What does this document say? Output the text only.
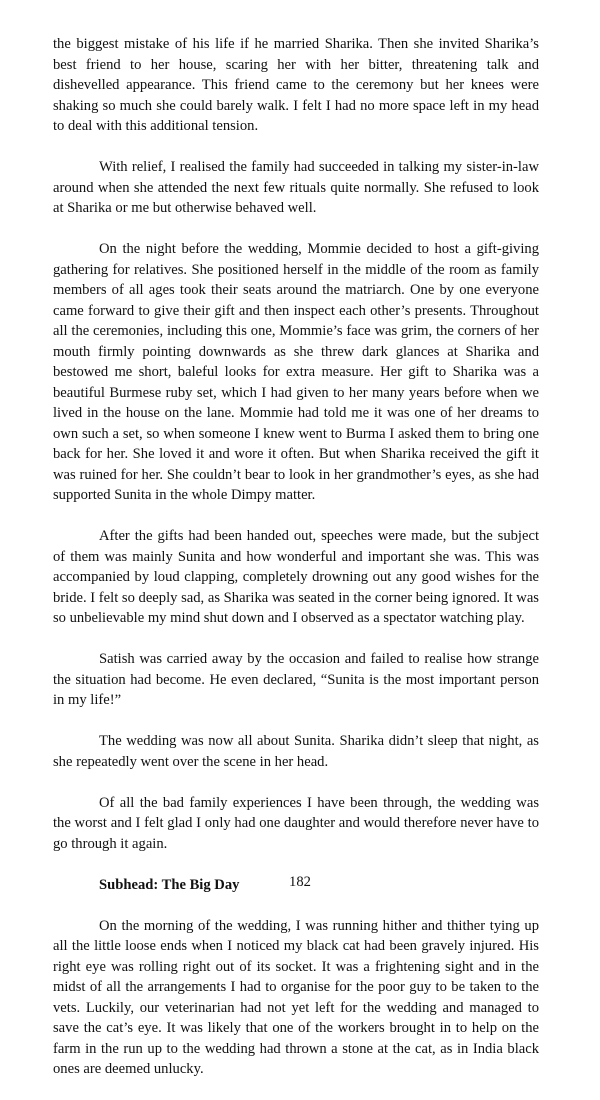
the biggest mistake of his life if he married Sharika. Then she invited Sharika’s best friend to her house, scaring her with her bitter, threatening talk and dishevelled appearance. This friend came to the ceremony but her knees were shaking so much she could barely walk. I felt I had no more space left in my head to deal with this additional tension.

With relief, I realised the family had succeeded in talking my sister-in-law around when she attended the next few rituals quite normally. She refused to look at Sharika or me but otherwise behaved well.

On the night before the wedding, Mommie decided to host a gift-giving gathering for relatives. She positioned herself in the middle of the room as family members of all ages took their seats around the matriarch. One by one everyone came forward to give their gift and then inspect each other’s presents. Throughout all the ceremonies, including this one, Mommie’s face was grim, the corners of her mouth firmly pointing downwards as she threw dark glances at Sharika and bestowed me short, baleful looks for extra measure. Her gift to Sharika was a beautiful Burmese ruby set, which I had given to her many years before when we lived in the house on the lane. Mommie had told me it was one of her dreams to own such a set, so when someone I knew went to Burma I asked them to bring one back for her. She loved it and wore it often. But when Sharika received the gift it was ruined for her. She couldn’t bear to look in her grandmother’s eyes, as she had supported Sunita in the whole Dimpy matter.

After the gifts had been handed out, speeches were made, but the subject of them was mainly Sunita and how wonderful and important she was. This was accompanied by loud clapping, completely drowning out any good wishes for the bride. I felt so deeply sad, as Sharika was seated in the corner being ignored. It was so unbelievable my mind shut down and I observed as a spectator watching play.

Satish was carried away by the occasion and failed to realise how strange the situation had become. He even declared, “Sunita is the most important person in my life!”

The wedding was now all about Sunita. Sharika didn’t sleep that night, as she repeatedly went over the scene in her head.

Of all the bad family experiences I have been through, the wedding was the worst and I felt glad I only had one daughter and would therefore never have to go through it again.

Subhead: The Big Day

On the morning of the wedding, I was running hither and thither tying up all the little loose ends when I noticed my black cat had been gravely injured. His right eye was rolling right out of its socket. It was a frightening sight and in the midst of all the arrangements I had to organise for the poor guy to be taken to the vets. Luckily, our veterinarian had not yet left for the wedding and managed to save the cat’s eye. It was likely that one of the workers brought in to help on the farm in the run up to the wedding had thrown a stone at the cat, as in India black ones are deemed unlucky.

182
